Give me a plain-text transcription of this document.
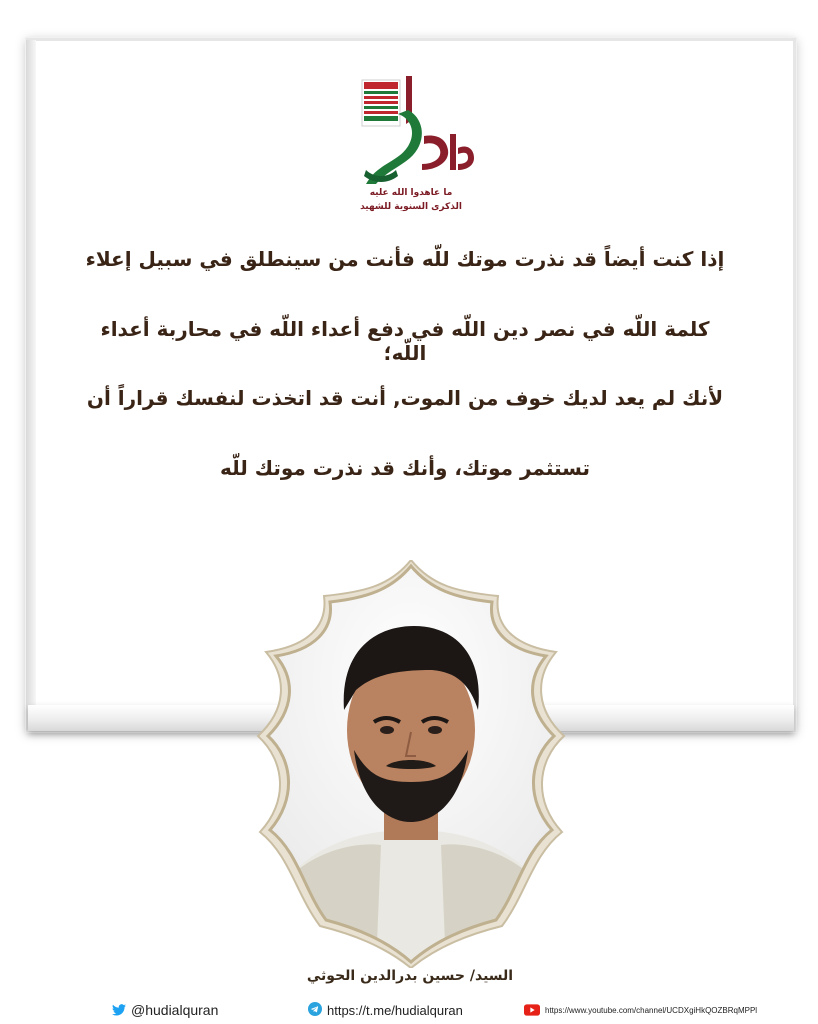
ما عاهدوا الله عليه
الذكرى السنوية للشهيد
إذا كنت أيضاً قد نذرت موتك للّه فأنت من سينطلق في سبيل إعلاء
كلمة اللّه في نصر دين اللّه في دفع أعداء اللّه في محاربة أعداء اللّه؛
لأنك لم يعد لديك خوف من الموت, أنت قد اتخذت لنفسك قراراً أن
تستثمر موتك، وأنك قد نذرت موتك للّه
السيد/ حسين بدرالدين الحوثي
@hudialquran	https://t.me/hudialquran	https://www.youtube.com/channel/UCDXgiHkQOZBRqMPPl
